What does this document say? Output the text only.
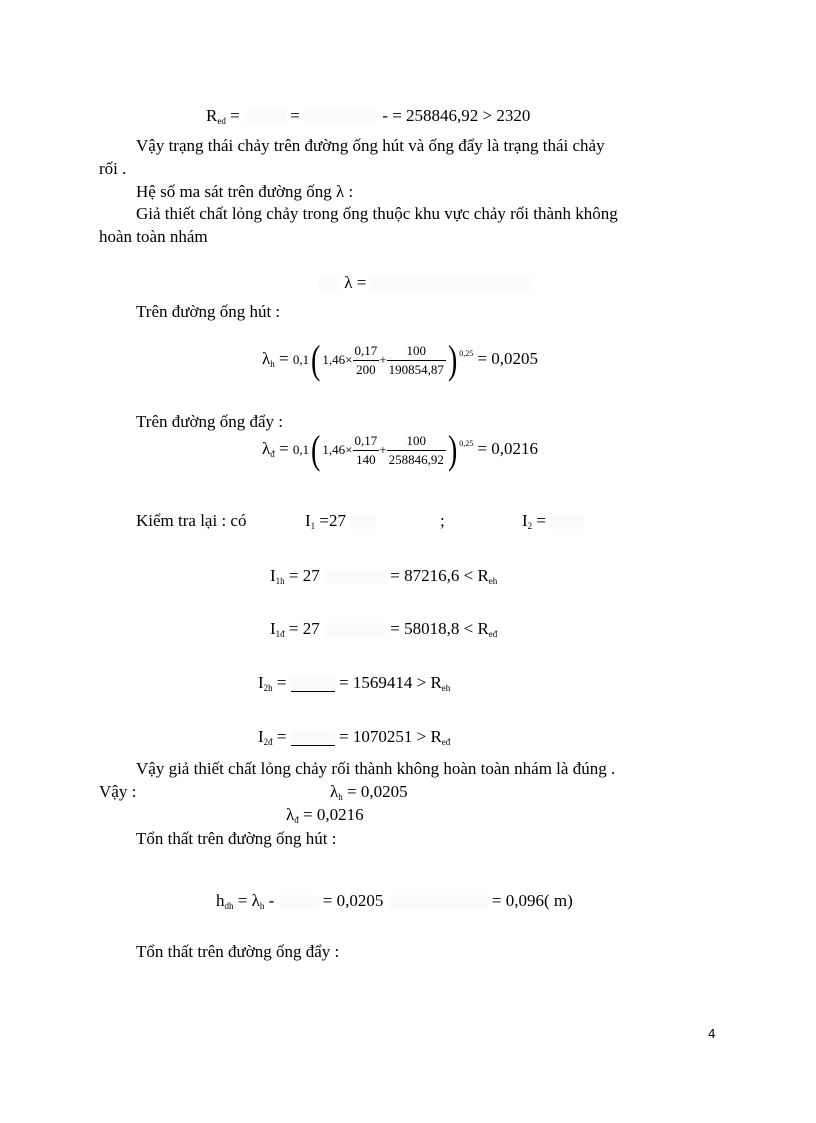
Red =	=	- = 258846,92 > 2320
Vậy trạng thái chảy trên đường ống hút và ống đẩy là trạng thái chảy
rối .
Hệ số ma sát trên đường ống λ :
Giả thiết chất lỏng chảy trong ống thuộc khu vực chảy rối thành không
hoàn toàn nhám
λ =
Trên đường ống hút :
λh = 0,1( $1,46\times \frac{0,17}{200} + \frac{100}{190854,87}$ ) $^{0,25}$ = 0,0205
Trên đường ống đẩy :
λđ = 0,1( $1,46\times \frac{0,17}{140} + \frac{100}{258846,92}$ ) $^{0,25}$ = 0,0216
Kiểm tra lại : có	I1 =27	;	I2 =
I1h = 27	= 87216,6 < Reh
I1đ = 27	= 58018,8 < Ređ
I2h =	= 1569414 > Reh
I2đ =	= 1070251 > Ređ
Vậy giả thiết chất lỏng chảy rối thành không hoàn toàn nhám là đúng .
Vậy :	λh = 0,0205
λđ = 0,0216
Tổn thất trên đường ống hút :
hdh = λh -	= 0,0205	= 0,096( m)
Tổn thất trên đường ống đẩy :
4
